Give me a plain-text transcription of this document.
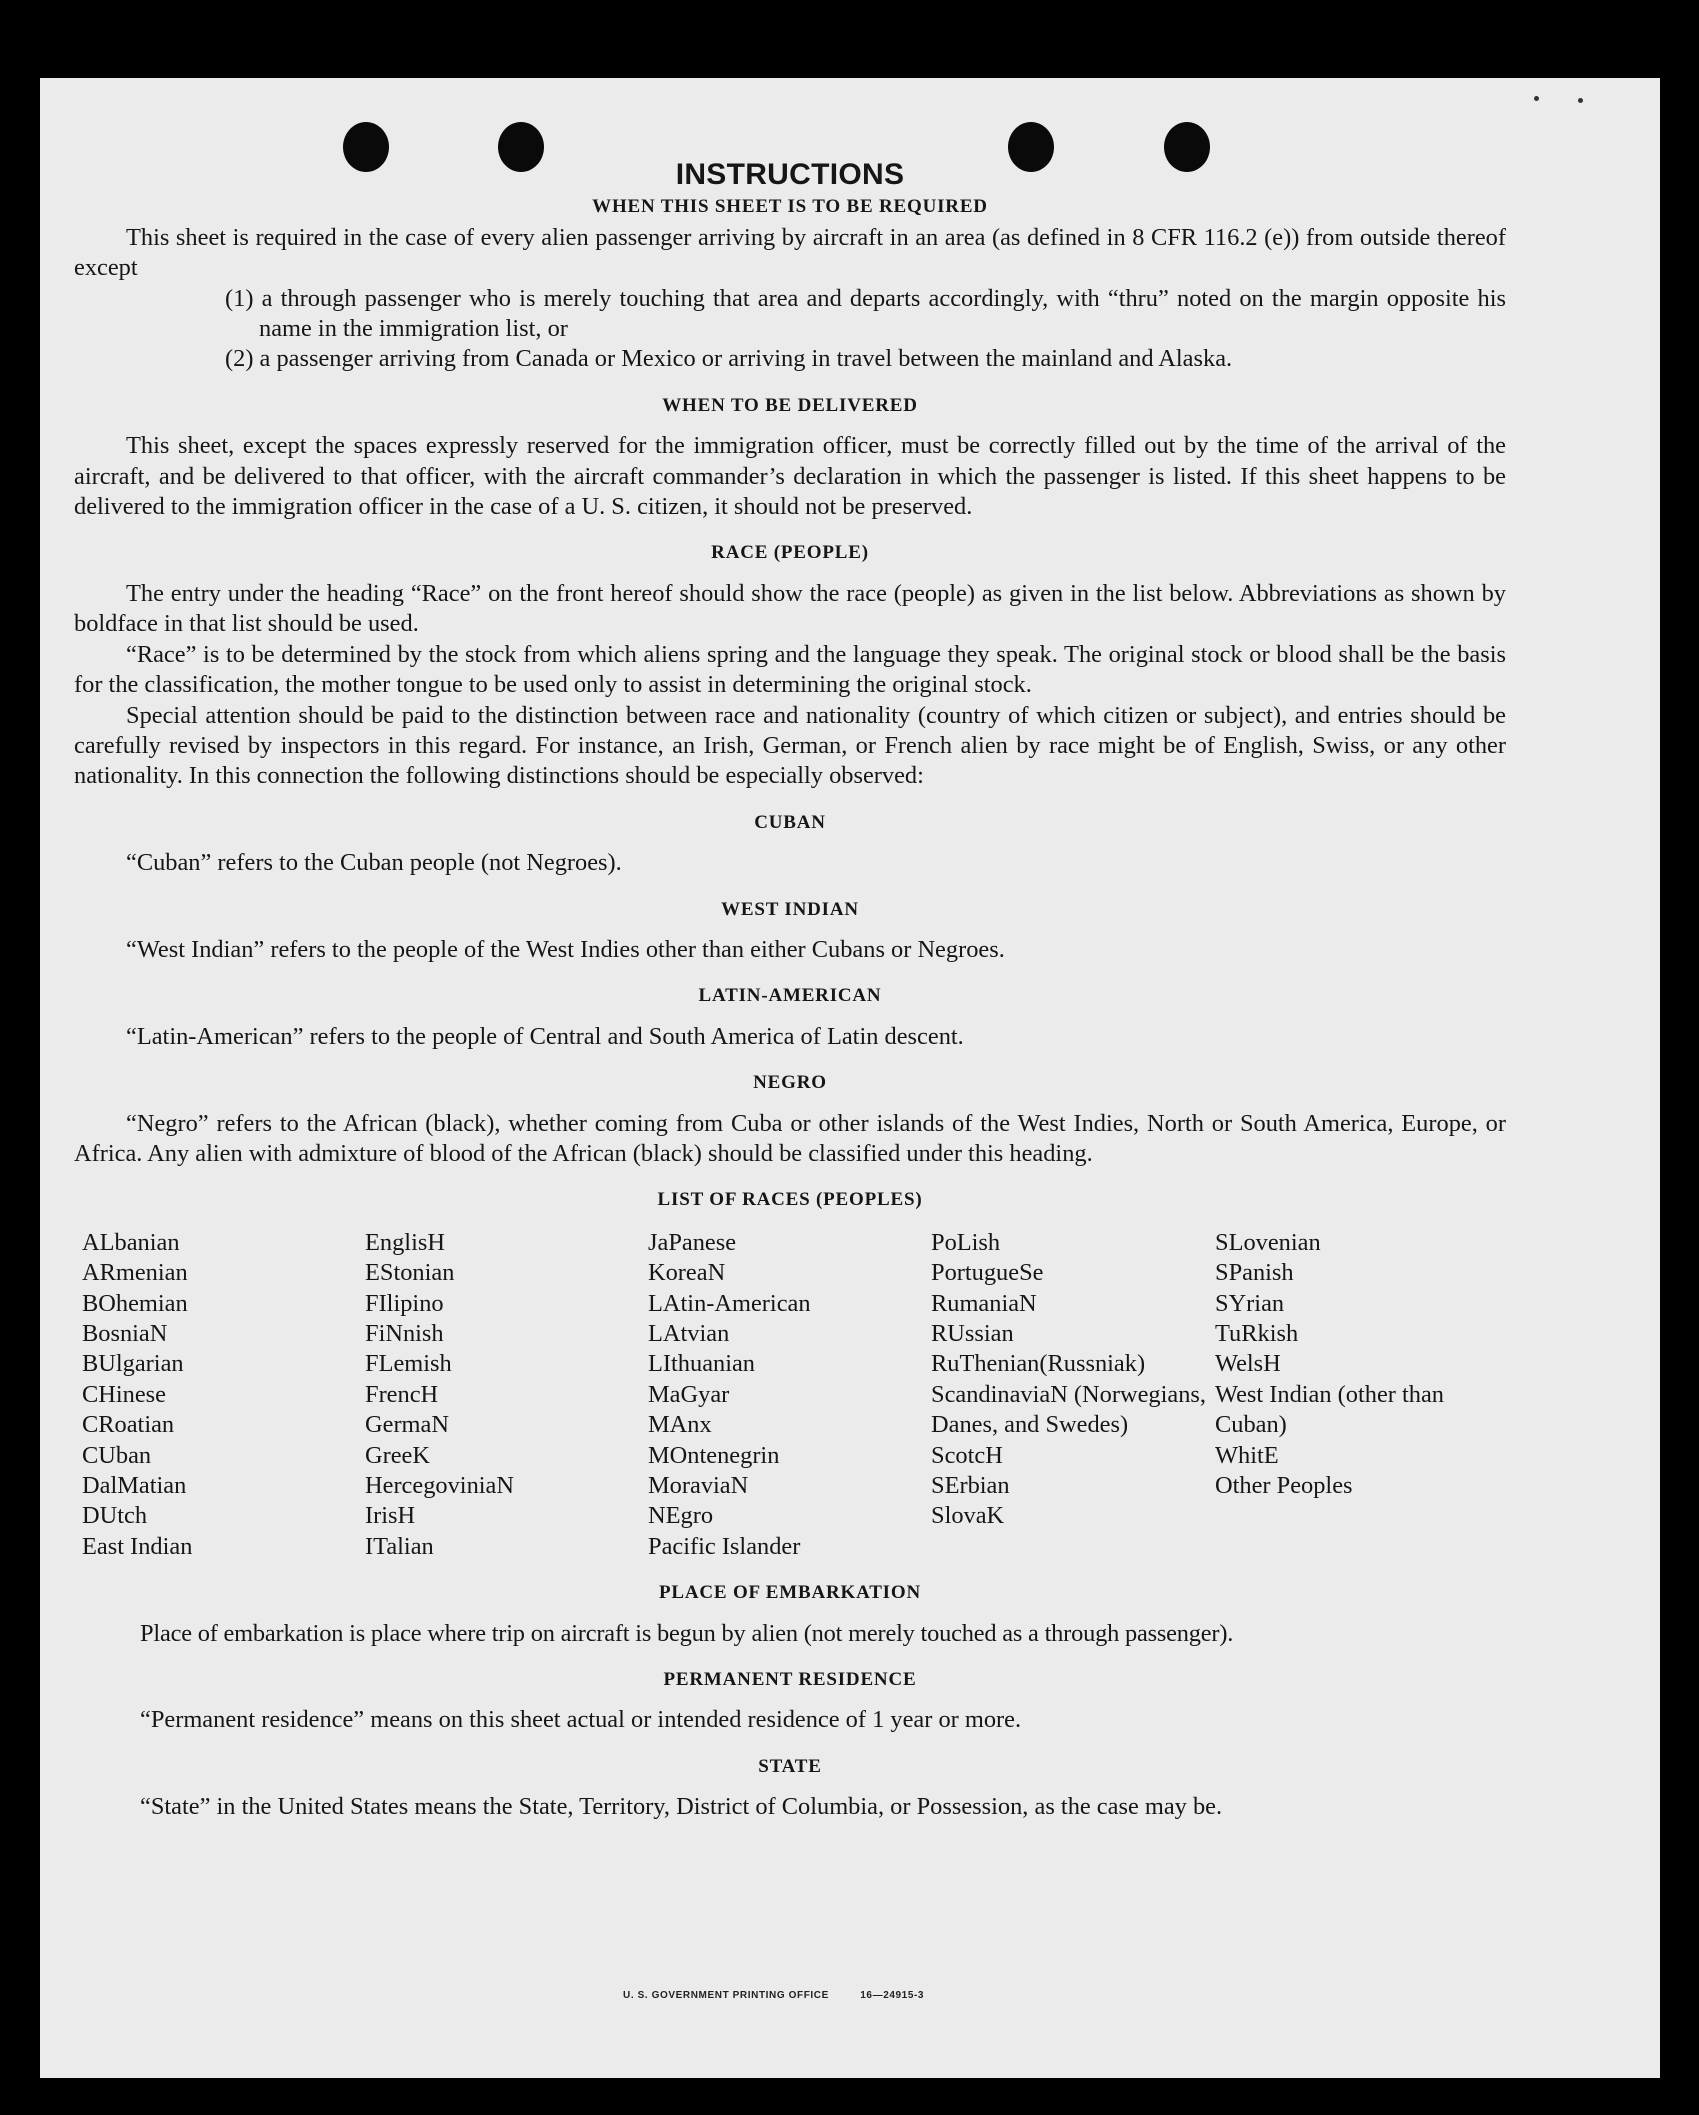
INSTRUCTIONS
WHEN THIS SHEET IS TO BE REQUIRED

This sheet is required in the case of every alien passenger arriving by aircraft in an area (as defined in 8 CFR 116.2 (e)) from outside thereof except

(1) a through passenger who is merely touching that area and departs accordingly, with “thru” noted on the margin opposite his name in the immigration list, or

(2) a passenger arriving from Canada or Mexico or arriving in travel between the mainland and Alaska.

WHEN TO BE DELIVERED

This sheet, except the spaces expressly reserved for the immigration officer, must be correctly filled out by the time of the arrival of the aircraft, and be delivered to that officer, with the aircraft commander’s declaration in which the passenger is listed. If this sheet happens to be delivered to the immigration officer in the case of a U. S. citizen, it should not be preserved.

RACE (PEOPLE)

The entry under the heading “Race” on the front hereof should show the race (people) as given in the list below. Abbreviations as shown by boldface in that list should be used.

“Race” is to be determined by the stock from which aliens spring and the language they speak. The original stock or blood shall be the basis for the classification, the mother tongue to be used only to assist in determining the original stock.

Special attention should be paid to the distinction between race and nationality (country of which citizen or subject), and entries should be carefully revised by inspectors in this regard. For instance, an Irish, German, or French alien by race might be of English, Swiss, or any other nationality. In this connection the following distinctions should be especially observed:

CUBAN

“Cuban” refers to the Cuban people (not Negroes).

WEST INDIAN

“West Indian” refers to the people of the West Indies other than either Cubans or Negroes.

LATIN-AMERICAN

“Latin-American” refers to the people of Central and South America of Latin descent.

NEGRO

“Negro” refers to the African (black), whether coming from Cuba or other islands of the West Indies, North or South America, Europe, or Africa. Any alien with admixture of blood of the African (black) should be classified under this heading.

LIST OF RACES (PEOPLES)
ALbanian
ARmenian
BOhemian
BosniaN
BUlgarian
CHinese
CRoatian
CUban
DalMatian
DUtch
East Indian
EnglisH
EStonian
FIlipino
FiNnish
FLemish
FrencH
GermaN
GreeK
HercegoviniaN
IrisH
ITalian
JaPanese
KoreaN
LAtin-American
LAtvian
LIthuanian
MaGyar
MAnx
MOntenegrin
MoraviaN
NEgro
Pacific Islander
PoLish
PortugueSe
RumaniaN
RUssian
RuThenian(Russniak)
ScandinaviaN (Norwegians, Danes, and Swedes)
ScotcH
SErbian
SlovaK
SLovenian
SPanish
SYrian
TuRkish
WelsH
West Indian (other than Cuban)
WhitE
Other Peoples
PLACE OF EMBARKATION

Place of embarkation is place where trip on aircraft is begun by alien (not merely touched as a through passenger).

PERMANENT RESIDENCE

“Permanent residence” means on this sheet actual or intended residence of 1 year or more.

STATE

“State” in the United States means the State, Territory, District of Columbia, or Possession, as the case may be.

U. S. GOVERNMENT PRINTING OFFICE	16—24915-3
